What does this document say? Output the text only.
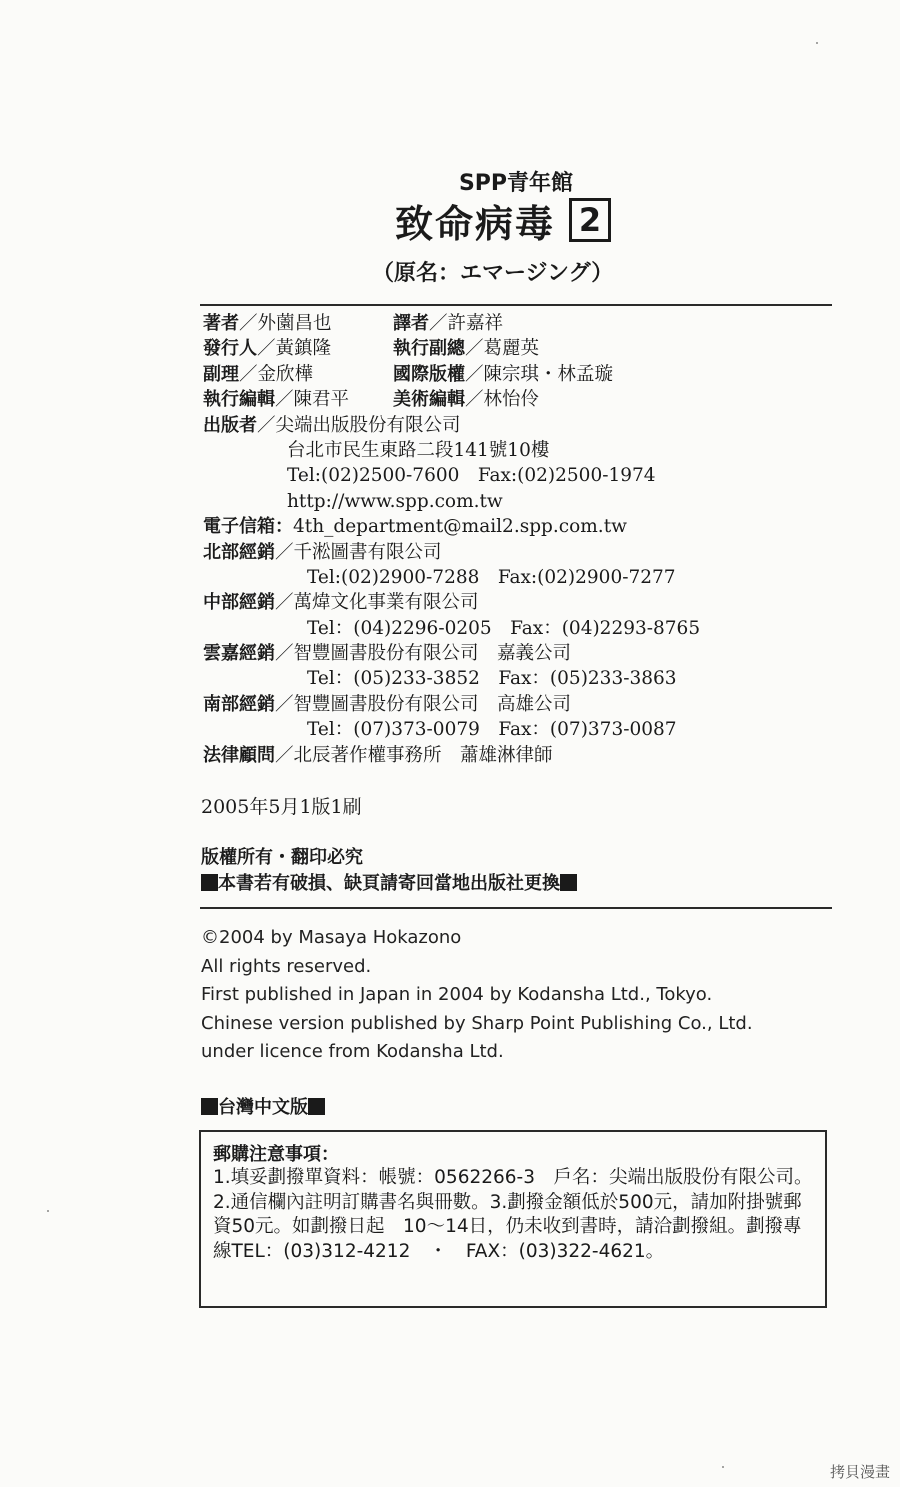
SPP青年館
致命病毒 2
（原名：エマージング）
著者／外薗昌也	譯者／許嘉祥
發行人／黃鎮隆	執行副總／葛麗英
副理／金欣樺	國際版權／陳宗琪・林孟璇
執行編輯／陳君平 美術編輯／林怡伶
出版者／尖端出版股份有限公司
台北市民生東路二段141號10樓
Tel:(02)2500-7600　Fax:(02)2500-1974
http://www.spp.com.tw
電子信箱：4th_department@mail2.spp.com.tw
北部經銷／千淞圖書有限公司
Tel:(02)2900-7288　Fax:(02)2900-7277
中部經銷／萬煒文化事業有限公司
Tel：(04)2296-0205　Fax：(04)2293-8765
雲嘉經銷／智豐圖書股份有限公司　嘉義公司
Tel：(05)233-3852　Fax：(05)233-3863
南部經銷／智豐圖書股份有限公司　高雄公司
Tel：(07)373-0079　Fax：(07)373-0087
法律顧問／北辰著作權事務所　蕭雄淋律師
2005年5月1版1刷
版權所有・翻印必究
本書若有破損、缺頁請寄回當地出版社更換
©2004 by Masaya Hokazono
All rights reserved.
First published in Japan in 2004 by Kodansha Ltd., Tokyo.
Chinese version published by Sharp Point Publishing Co., Ltd.
under licence from Kodansha Ltd.
台灣中文版
郵購注意事項：
1.填妥劃撥單資料：帳號：0562266-3　戶名：尖端出版股份有限公司。2.通信欄內註明訂購書名與冊數。3.劃撥金額低於500元，請加附掛號郵資50元。如劃撥日起　10〜14日，仍未收到書時，請洽劃撥組。劃撥專線TEL：(03)312-4212　・　FAX：(03)322-4621。
拷貝漫畫
